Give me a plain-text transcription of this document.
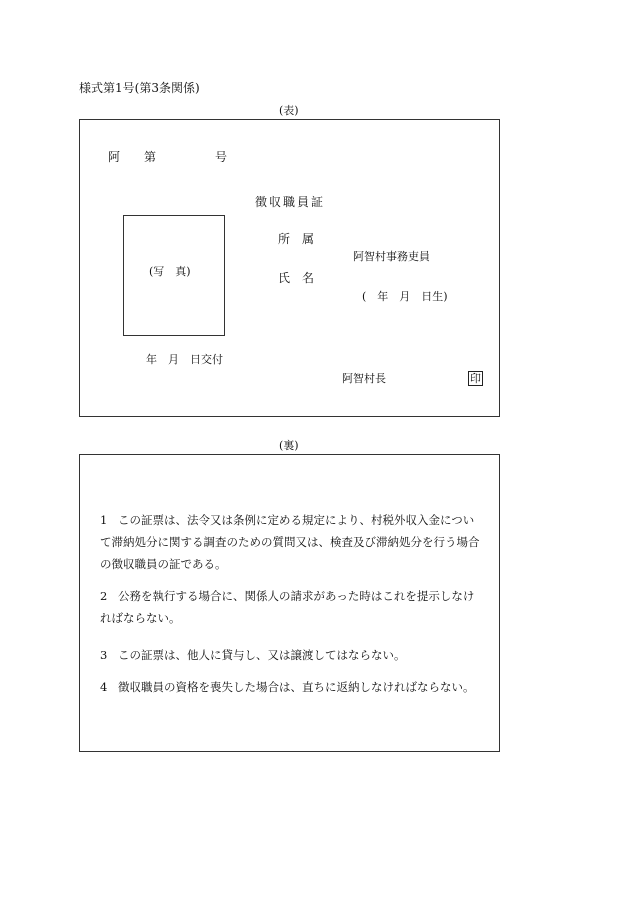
様式第1号(第3条関係)
(表)
阿 第	号
徴収職員証
(写　真)
所　属
阿智村事務吏員
氏　名
(　年　月　日生)
年　月　日交付
阿智村長	印
(裏)
1 この証票は、法令又は条例に定める規定により、村税外収入金について滞納処分に関する調査のための質問又は、検査及び滞納処分を行う場合の徴収職員の証である。
2 公務を執行する場合に、関係人の請求があった時はこれを提示しなければならない。
3 この証票は、他人に貸与し、又は譲渡してはならない。
4 徴収職員の資格を喪失した場合は、直ちに返納しなければならない。
